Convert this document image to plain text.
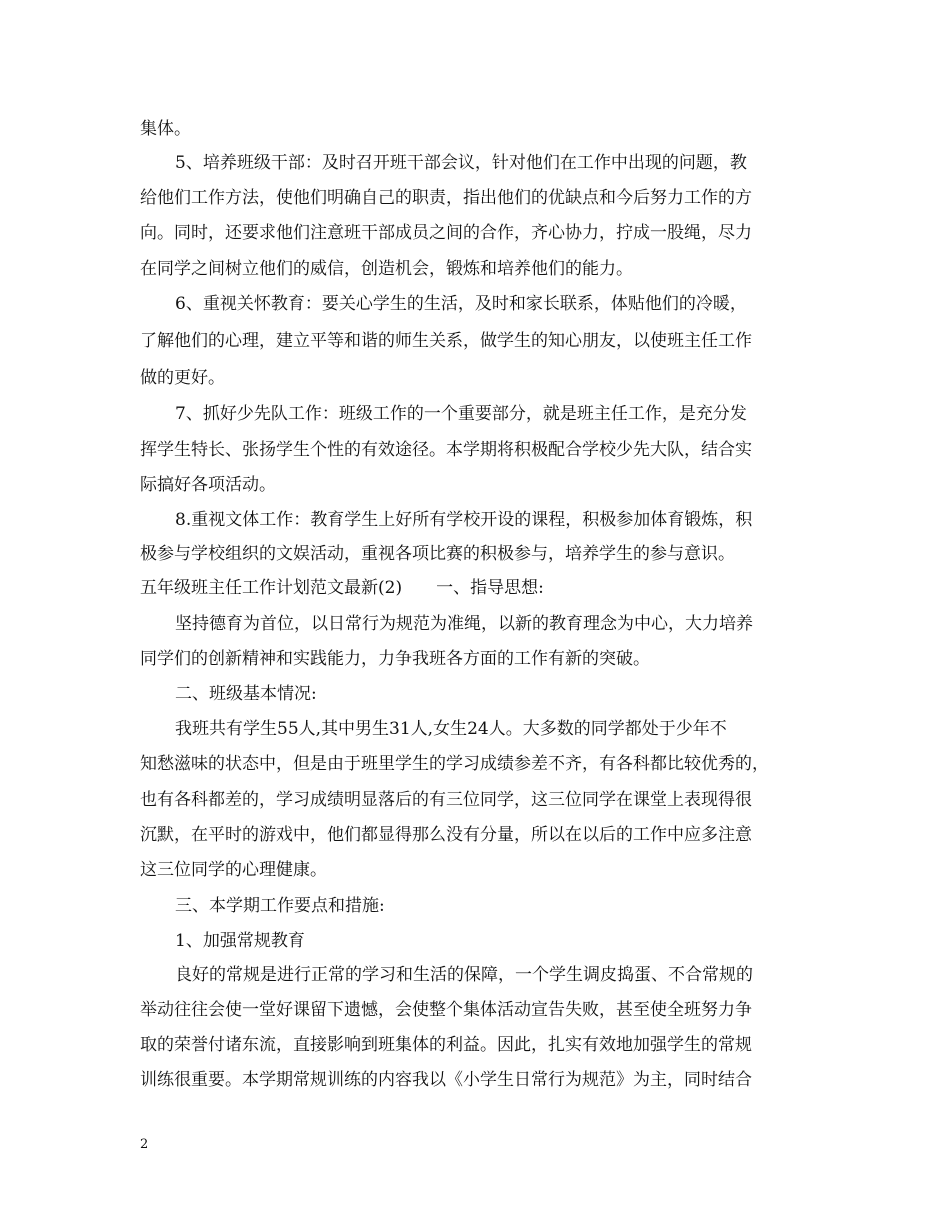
集体。
5、培养班级干部：及时召开班干部会议，针对他们在工作中出现的问题，教
给他们工作方法，使他们明确自己的职责，指出他们的优缺点和今后努力工作的方
向。同时，还要求他们注意班干部成员之间的合作，齐心协力，拧成一股绳，尽力
在同学之间树立他们的威信，创造机会，锻炼和培养他们的能力。
6、重视关怀教育：要关心学生的生活，及时和家长联系，体贴他们的冷暖，
了解他们的心理，建立平等和谐的师生关系，做学生的知心朋友，以使班主任工作
做的更好。
7、抓好少先队工作：班级工作的一个重要部分，就是班主任工作，是充分发
挥学生特长、张扬学生个性的有效途径。本学期将积极配合学校少先大队，结合实
际搞好各项活动。
8.重视文体工作：教育学生上好所有学校开设的课程，积极参加体育锻炼，积
极参与学校组织的文娱活动，重视各项比赛的积极参与，培养学生的参与意识。
五年级班主任工作计划范文最新(2)　　一、指导思想:
坚持德育为首位，以日常行为规范为准绳，以新的教育理念为中心，大力培养
同学们的创新精神和实践能力，力争我班各方面的工作有新的突破。
二、班级基本情况:
我班共有学生55人,其中男生31人,女生24人。大多数的同学都处于少年不
知愁滋味的状态中，但是由于班里学生的学习成绩参差不齐，有各科都比较优秀的，
也有各科都差的，学习成绩明显落后的有三位同学，这三位同学在课堂上表现得很
沉默，在平时的游戏中，他们都显得那么没有分量，所以在以后的工作中应多注意
这三位同学的心理健康。
三、本学期工作要点和措施:
1、加强常规教育
良好的常规是进行正常的学习和生活的保障，一个学生调皮捣蛋、不合常规的
举动往往会使一堂好课留下遗憾，会使整个集体活动宣告失败，甚至使全班努力争
取的荣誉付诸东流，直接影响到班集体的利益。因此，扎实有效地加强学生的常规
训练很重要。本学期常规训练的内容我以《小学生日常行为规范》为主，同时结合
2
